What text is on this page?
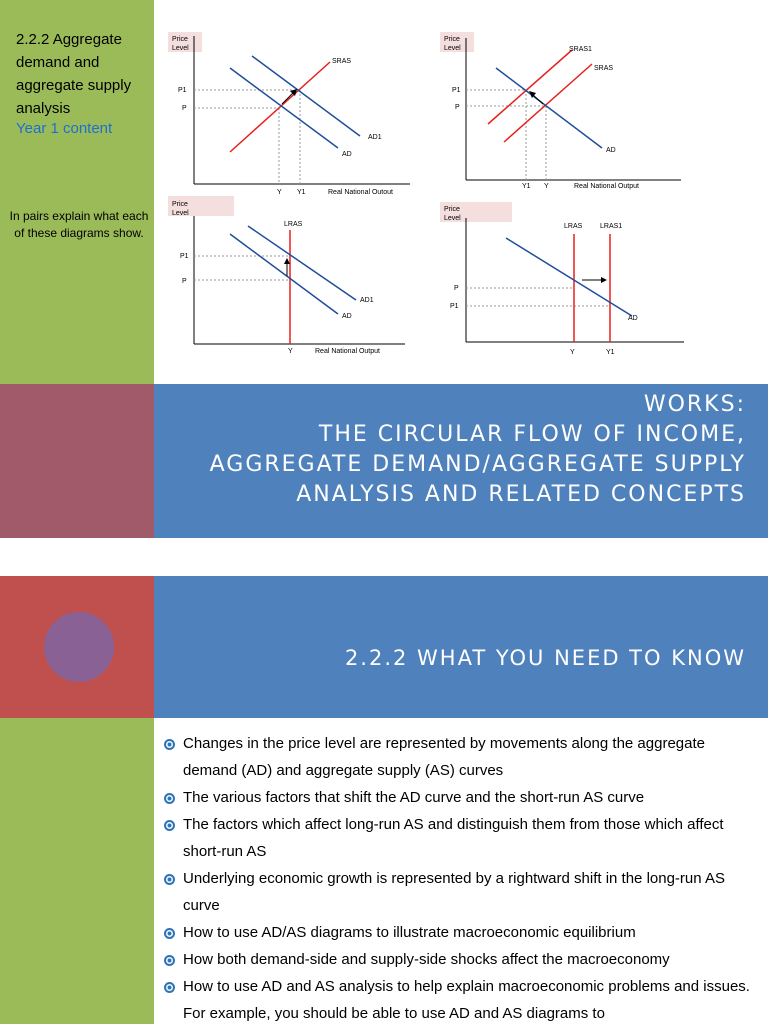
2.2.2 Aggregate demand and aggregate supply analysis
Year 1 content
In pairs explain what each of these diagrams show.
Price
Level
P1
P
SRAS
AD1
AD
Y Y1	Real National Outout
Price
Level
P1
P
SRAS1
SRAS
AD
Y1 Y	Real National Output
Price
Level
P1
P
LRAS
AD1
AD
Y	Real National Output
Price
Level
P
P1
LRAS	LRAS1
AD
Y	Y1
AQA 2.2 HOW THE MACROECONOMY
WORKS:
THE CIRCULAR FLOW OF INCOME,
AGGREGATE DEMAND/AGGREGATE SUPPLY
ANALYSIS AND RELATED CONCEPTS
2.2.2 WHAT YOU NEED TO KNOW
Changes in the price level are represented by movements along the aggregate demand (AD) and aggregate supply (AS) curves
The various factors that shift the AD curve and the short-run AS curve
The factors which affect long-run AS and distinguish them from those which affect short-run AS
Underlying economic growth is represented by a rightward shift in the long-run AS curve
How to use AD/AS diagrams to illustrate macroeconomic equilibrium
How both demand-side and supply-side shocks affect the macroeconomy
How to use AD and AS analysis to help explain macroeconomic problems and issues. For example, you should be able to use AD and AS diagrams to
